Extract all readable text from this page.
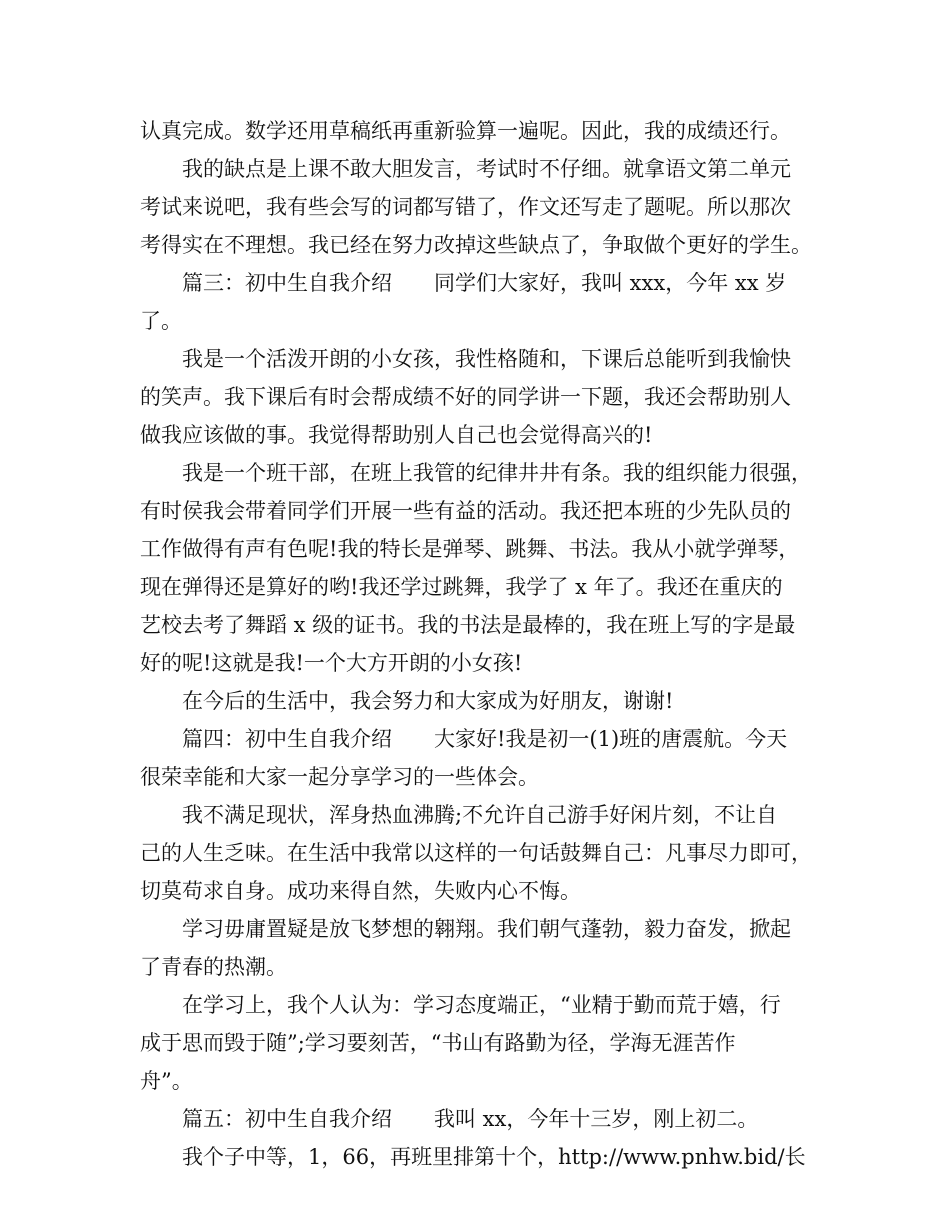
认真完成。数学还用草稿纸再重新验算一遍呢。因此，我的成绩还行。
我的缺点是上课不敢大胆发言，考试时不仔细。就拿语文第二单元
考试来说吧，我有些会写的词都写错了，作文还写走了题呢。所以那次
考得实在不理想。我已经在努力改掉这些缺点了，争取做个更好的学生。
篇三：初中生自我介绍　　同学们大家好，我叫 xxx，今年 xx 岁
了。
我是一个活泼开朗的小女孩，我性格随和，下课后总能听到我愉快
的笑声。我下课后有时会帮成绩不好的同学讲一下题，我还会帮助别人
做我应该做的事。我觉得帮助别人自己也会觉得高兴的!
我是一个班干部，在班上我管的纪律井井有条。我的组织能力很强，
有时侯我会带着同学们开展一些有益的活动。我还把本班的少先队员的
工作做得有声有色呢!我的特长是弹琴、跳舞、书法。我从小就学弹琴，
现在弹得还是算好的哟!我还学过跳舞，我学了 x 年了。我还在重庆的
艺校去考了舞蹈 x 级的证书。我的书法是最棒的，我在班上写的字是最
好的呢!这就是我!一个大方开朗的小女孩!
在今后的生活中，我会努力和大家成为好朋友，谢谢!
篇四：初中生自我介绍　　大家好!我是初一(1)班的唐震航。今天
很荣幸能和大家一起分享学习的一些体会。
我不满足现状，浑身热血沸腾;不允许自己游手好闲片刻，不让自
己的人生乏味。在生活中我常以这样的一句话鼓舞自己：凡事尽力即可，
切莫苟求自身。成功来得自然，失败内心不悔。
学习毋庸置疑是放飞梦想的翱翔。我们朝气蓬勃，毅力奋发，掀起
了青春的热潮。
在学习上，我个人认为：学习态度端正，“业精于勤而荒于嬉，行
成于思而毁于随”;学习要刻苦，“书山有路勤为径，学海无涯苦作
舟”。
篇五：初中生自我介绍　　我叫 xx，今年十三岁，刚上初二。
我个子中等，1，66，再班里排第十个，http://www.pnhw.bid/长
